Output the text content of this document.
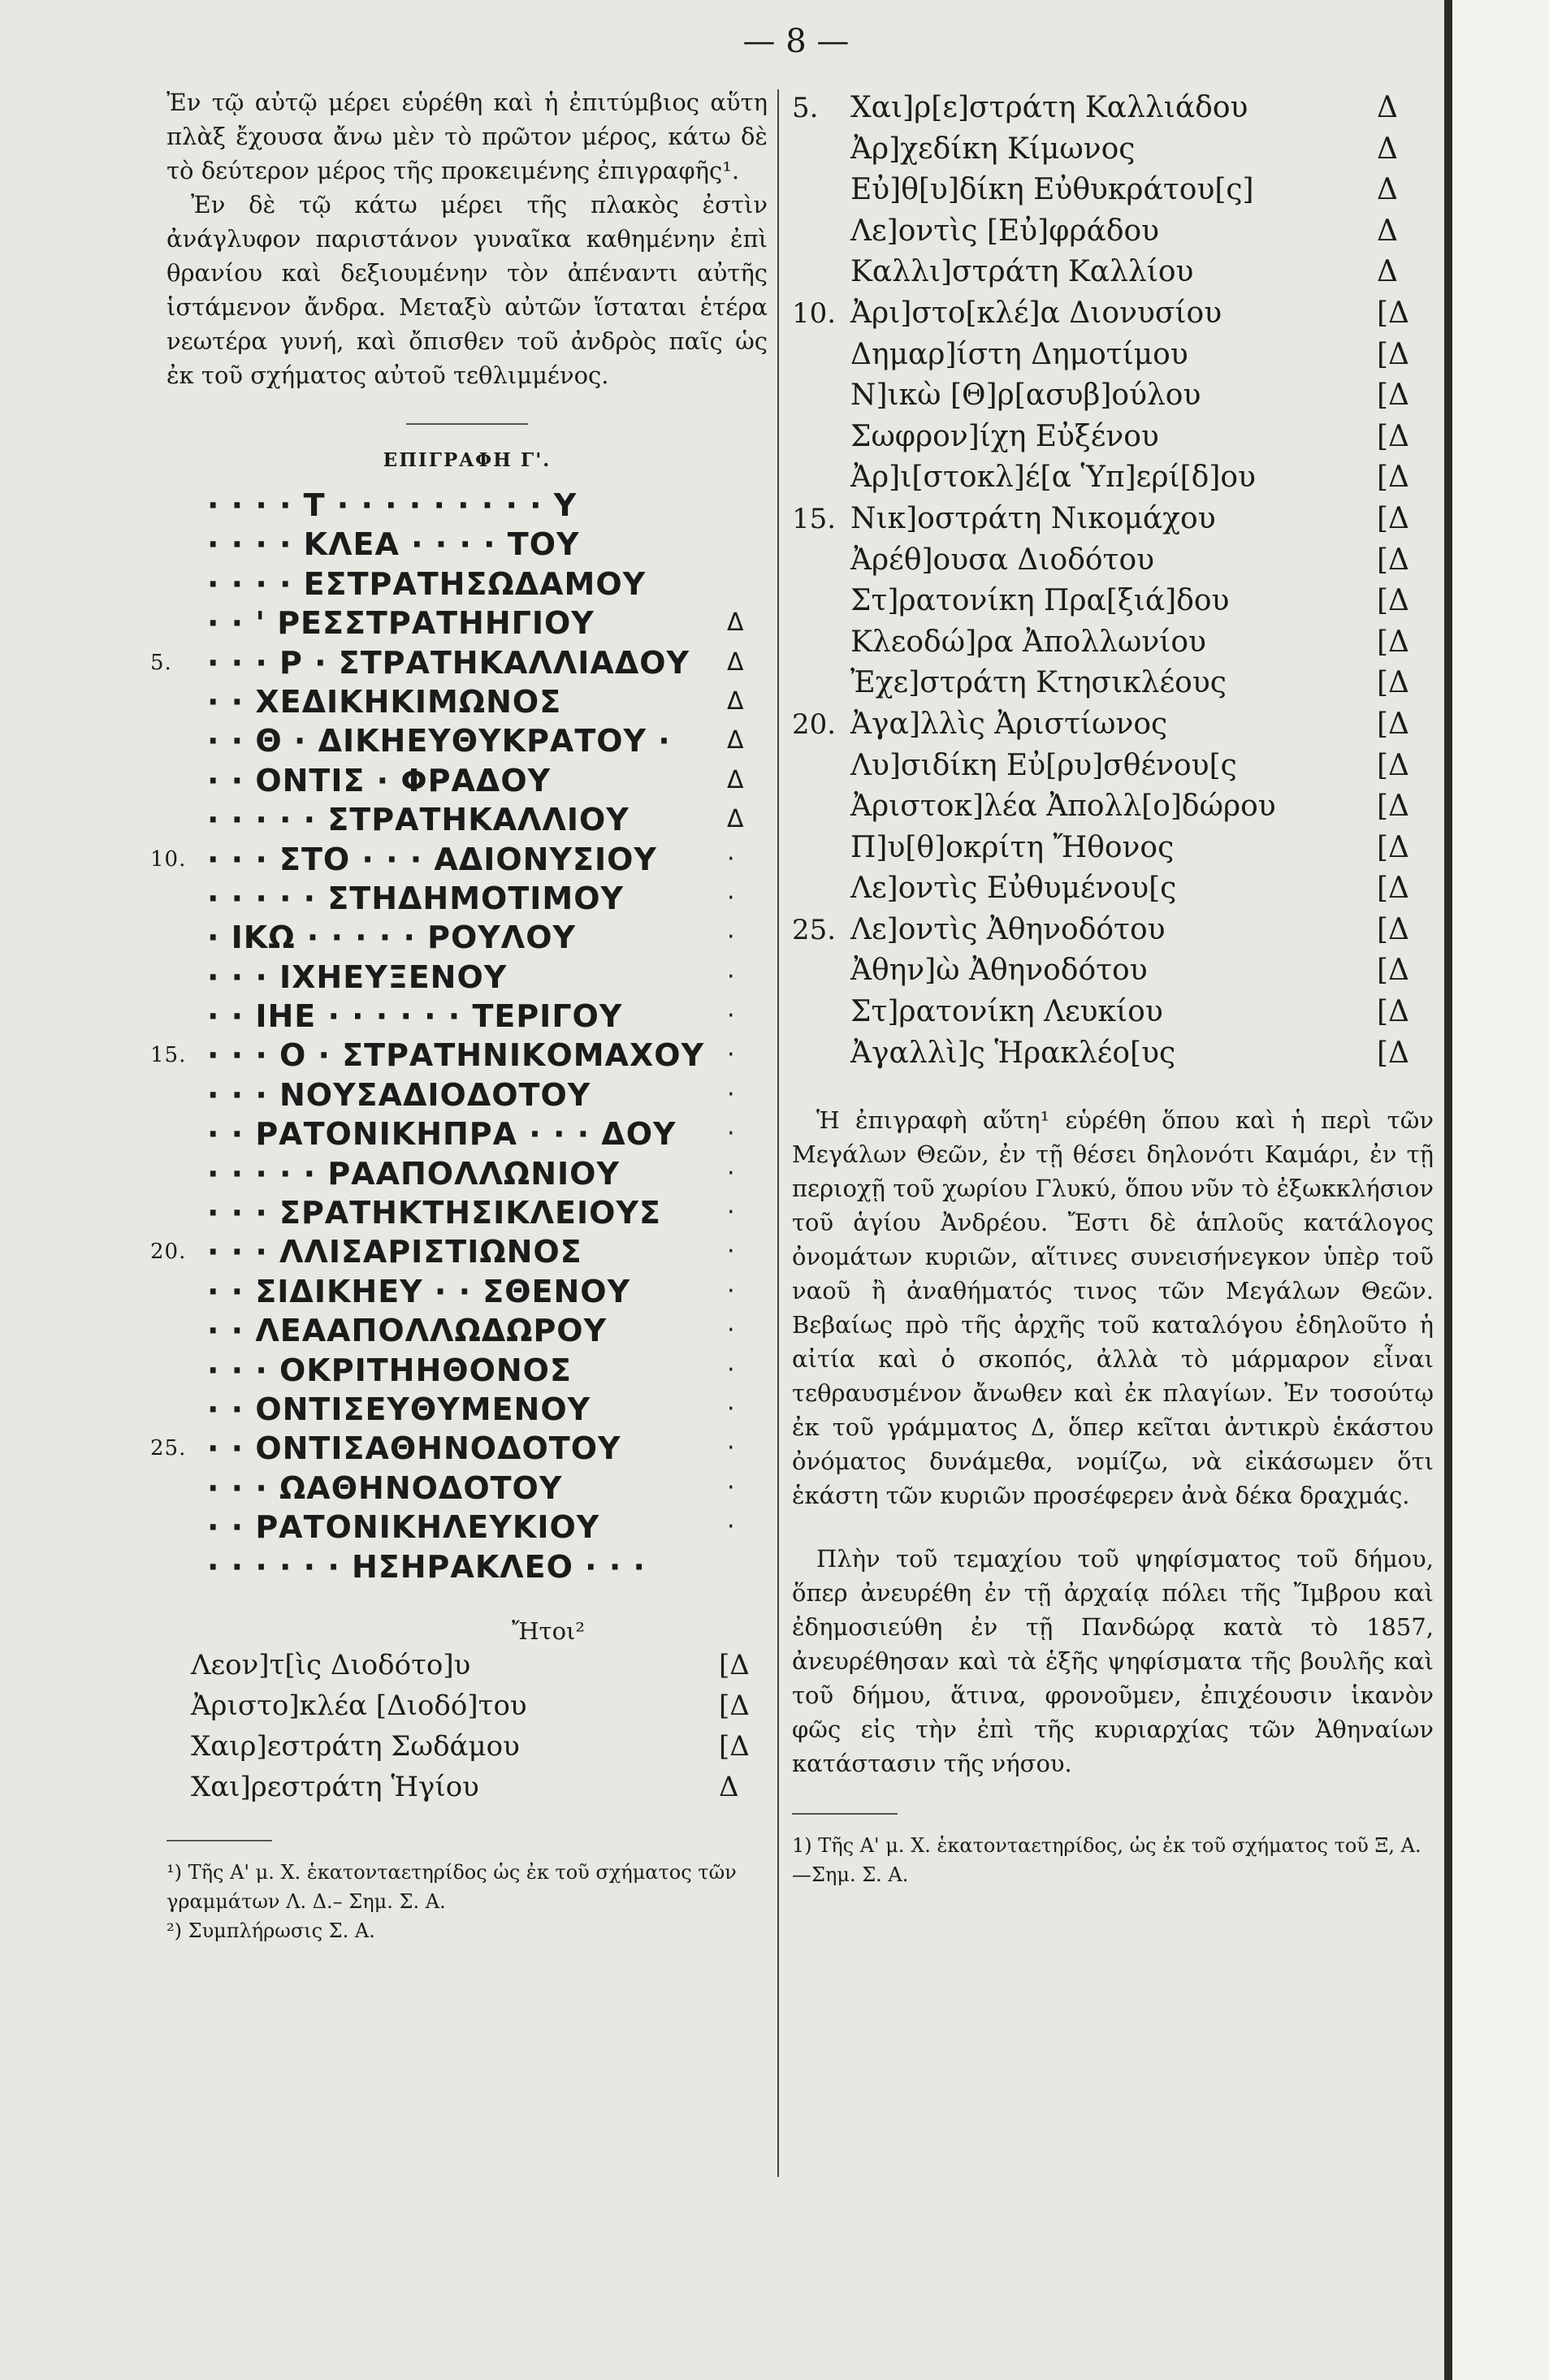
— 8 —

Ἐν τῷ αὐτῷ μέρει εὑρέθη καὶ ἡ ἐπιτύμβιος αὕτη πλὰξ ἔχουσα ἄνω μὲν τὸ πρῶτον μέρος, κάτω δὲ τὸ δεύτερον μέρος τῆς προκειμένης ἐπιγραφῆς¹.

Ἐν δὲ τῷ κάτω μέρει τῆς πλακὸς ἐστὶν ἀνάγλυφον παριστάνον γυναῖκα καθημένην ἐπὶ θρανίου καὶ δεξιουμένην τὸν ἀπέναντι αὐτῆς ἱστάμενον ἄνδρα. Μεταξὺ αὐτῶν ἵσταται ἑτέρα νεωτέρα γυνή, καὶ ὄπισθεν τοῦ ἀνδρὸς παῖς ὡς ἐκ τοῦ σχήματος αὐτοῦ τεθλιμμένος.

ΕΠΙΓΡΑΦΗ Γ'.
· · · · Τ · · · · · · · · · Υ
· · · · ΚΛΕΑ · · · · ΤΟΥ
· · · · ΕΣΤΡΑΤΗΣΩΔΑΜΟΥ
· · ' ΡΕΣΣΤΡΑΤΗΗΓΙΟΥ	Δ
5. · · · Ρ · ΣΤΡΑΤΗΚΑΛΛΙΑΔΟΥ Δ
· · ΧΕΔΙΚΗΚΙΜΩΝΟΣ	Δ
· · Θ · ΔΙΚΗΕΥΘΥΚΡΑΤΟΥ · Δ
· · ΟΝΤΙΣ · ΦΡΑΔΟΥ	Δ
· · · · · ΣΤΡΑΤΗΚΑΛΛΙΟΥ	Δ
10. · · · ΣΤΟ · · · ΑΔΙΟΝΥΣΙΟΥ	·
· · · · · ΣΤΗΔΗΜΟΤΙΜΟΥ	·
· ΙΚΩ · · · · · ΡΟΥΛΟΥ	·
· · · ΙΧΗΕΥΞΕΝΟΥ	·
· · ΙΗΕ · · · · · · ΤΕΡΙΓΟΥ	·
15. · · · Ο · ΣΤΡΑΤΗΝΙΚΟΜΑΧΟΥ ·
· · · ΝΟΥΣΑΔΙΟΔΟΤΟΥ	·
· · ΡΑΤΟΝΙΚΗΠΡΑ · · · ΔΟΥ ·
· · · · · ΡΑΑΠΟΛΛΩΝΙΟΥ	·
· · · ΣΡΑΤΗΚΤΗΣΙΚΛΕΙΟΥΣ	·
20. · · · ΛΛΙΣΑΡΙΣΤΙΩΝΟΣ	·
· · ΣΙΔΙΚΗΕΥ · · ΣΘΕΝΟΥ	·
· · ΛΕΑΑΠΟΛΛΩΔΩΡΟΥ	·
· · · ΟΚΡΙΤΗΗΘΟΝΟΣ	·
· · ΟΝΤΙΣΕΥΘΥΜΕΝΟΥ	·
25. · · ΟΝΤΙΣΑΘΗΝΟΔΟΤΟΥ	·
· · · ΩΑΘΗΝΟΔΟΤΟΥ	·
· · ΡΑΤΟΝΙΚΗΛΕΥΚΙΟΥ	·
· · · · · · ΗΣΗΡΑΚΛΕΟ · · ·
Ἤτοι²
Λεον]τ[ὶς Διοδότο]υ	[Δ
Ἀριστο]κλέα [Διοδό]του	[Δ
Χαιρ]εστράτη Σωδάμου	[Δ
Χαι]ρεστράτη Ἡγίου	Δ

¹) Τῆς Α' μ. Χ. ἑκατονταετηρίδος ὡς ἐκ τοῦ σχήματος τῶν γραμμάτων Λ. Δ.– Σημ. Σ. Α.

²) Συμπλήρωσις Σ. Α.

5. Χαι]ρ[ε]στράτη Καλλιάδου	Δ
Ἀρ]χεδίκη Κίμωνος	Δ
Εὐ]θ[υ]δίκη Εὐθυκράτου[ς]	Δ
Λε]οντὶς [Εὐ]φράδου	Δ
Καλλι]στράτη Καλλίου	Δ
10. Ἀρι]στο[κλέ]α Διονυσίου	[Δ
Δημαρ]ίστη Δημοτίμου	[Δ
Ν]ικὼ [Θ]ρ[ασυβ]ούλου	[Δ
Σωφρον]ίχη Εὐξένου	[Δ
Ἀρ]ι[στοκλ]έ[α Ὑπ]ερί[δ]ου	[Δ
15. Νικ]οστράτη Νικομάχου	[Δ
Ἀρέθ]ουσα Διοδότου	[Δ
Στ]ρατονίκη Πρα[ξιά]δου	[Δ
Κλεοδώ]ρα Ἀπολλωνίου	[Δ
Ἐχε]στράτη Κτησικλέους	[Δ
20. Ἀγα]λλὶς Ἀριστίωνος	[Δ
Λυ]σιδίκη Εὐ[ρυ]σθένου[ς	[Δ
Ἀριστοκ]λέα Ἀπολλ[ο]δώρου	[Δ
Π]υ[θ]οκρίτη Ἤθονος	[Δ
Λε]οντὶς Εὐθυμένου[ς	[Δ
25. Λε]οντὶς Ἀθηνοδότου	[Δ
Ἀθην]ὼ Ἀθηνοδότου	[Δ
Στ]ρατονίκη Λευκίου	[Δ
Ἀγαλλὶ]ς Ἡρακλέο[υς	[Δ

Ἡ ἐπιγραφὴ αὕτη¹ εὑρέθη ὅπου καὶ ἡ περὶ τῶν Μεγάλων Θεῶν, ἐν τῇ θέσει δηλονότι Καμάρι, ἐν τῇ περιοχῇ τοῦ χωρίου Γλυκύ, ὅπου νῦν τὸ ἐξωκκλήσιον τοῦ ἁγίου Ἀνδρέου. Ἔστι δὲ ἁπλοῦς κατάλογος ὀνομάτων κυριῶν, αἵτινες συνεισήνεγκον ὑπὲρ τοῦ ναοῦ ἢ ἀναθήματός τινος τῶν Μεγάλων Θεῶν. Βεβαίως πρὸ τῆς ἀρχῆς τοῦ καταλόγου ἐδηλοῦτο ἡ αἰτία καὶ ὁ σκοπός, ἀλλὰ τὸ μάρμαρον εἶναι τεθραυσμένον ἄνωθεν καὶ ἐκ πλαγίων. Ἐν τοσούτῳ ἐκ τοῦ γράμματος Δ, ὅπερ κεῖται ἀντικρὺ ἑκάστου ὀνόματος δυνάμεθα, νομίζω, νὰ εἰκάσωμεν ὅτι ἑκάστη τῶν κυριῶν προσέφερεν ἀνὰ δέκα δραχμάς.

Πλὴν τοῦ τεμαχίου τοῦ ψηφίσματος τοῦ δήμου, ὅπερ ἀνευρέθη ἐν τῇ ἀρχαίᾳ πόλει τῆς Ἴμβρου καὶ ἐδημοσιεύθη ἐν τῇ Πανδώρᾳ κατὰ τὸ 1857, ἀνευρέθησαν καὶ τὰ ἑξῆς ψηφίσματα τῆς βουλῆς καὶ τοῦ δήμου, ἅτινα, φρονοῦμεν, ἐπιχέουσιν ἱκανὸν φῶς εἰς τὴν ἐπὶ τῆς κυριαρχίας τῶν Ἀθηναίων κατάστασιν τῆς νήσου.

1) Τῆς Α' μ. Χ. ἑκατονταετηρίδος, ὡς ἐκ τοῦ σχήματος τοῦ Ξ, Α. —Σημ. Σ. Α.
